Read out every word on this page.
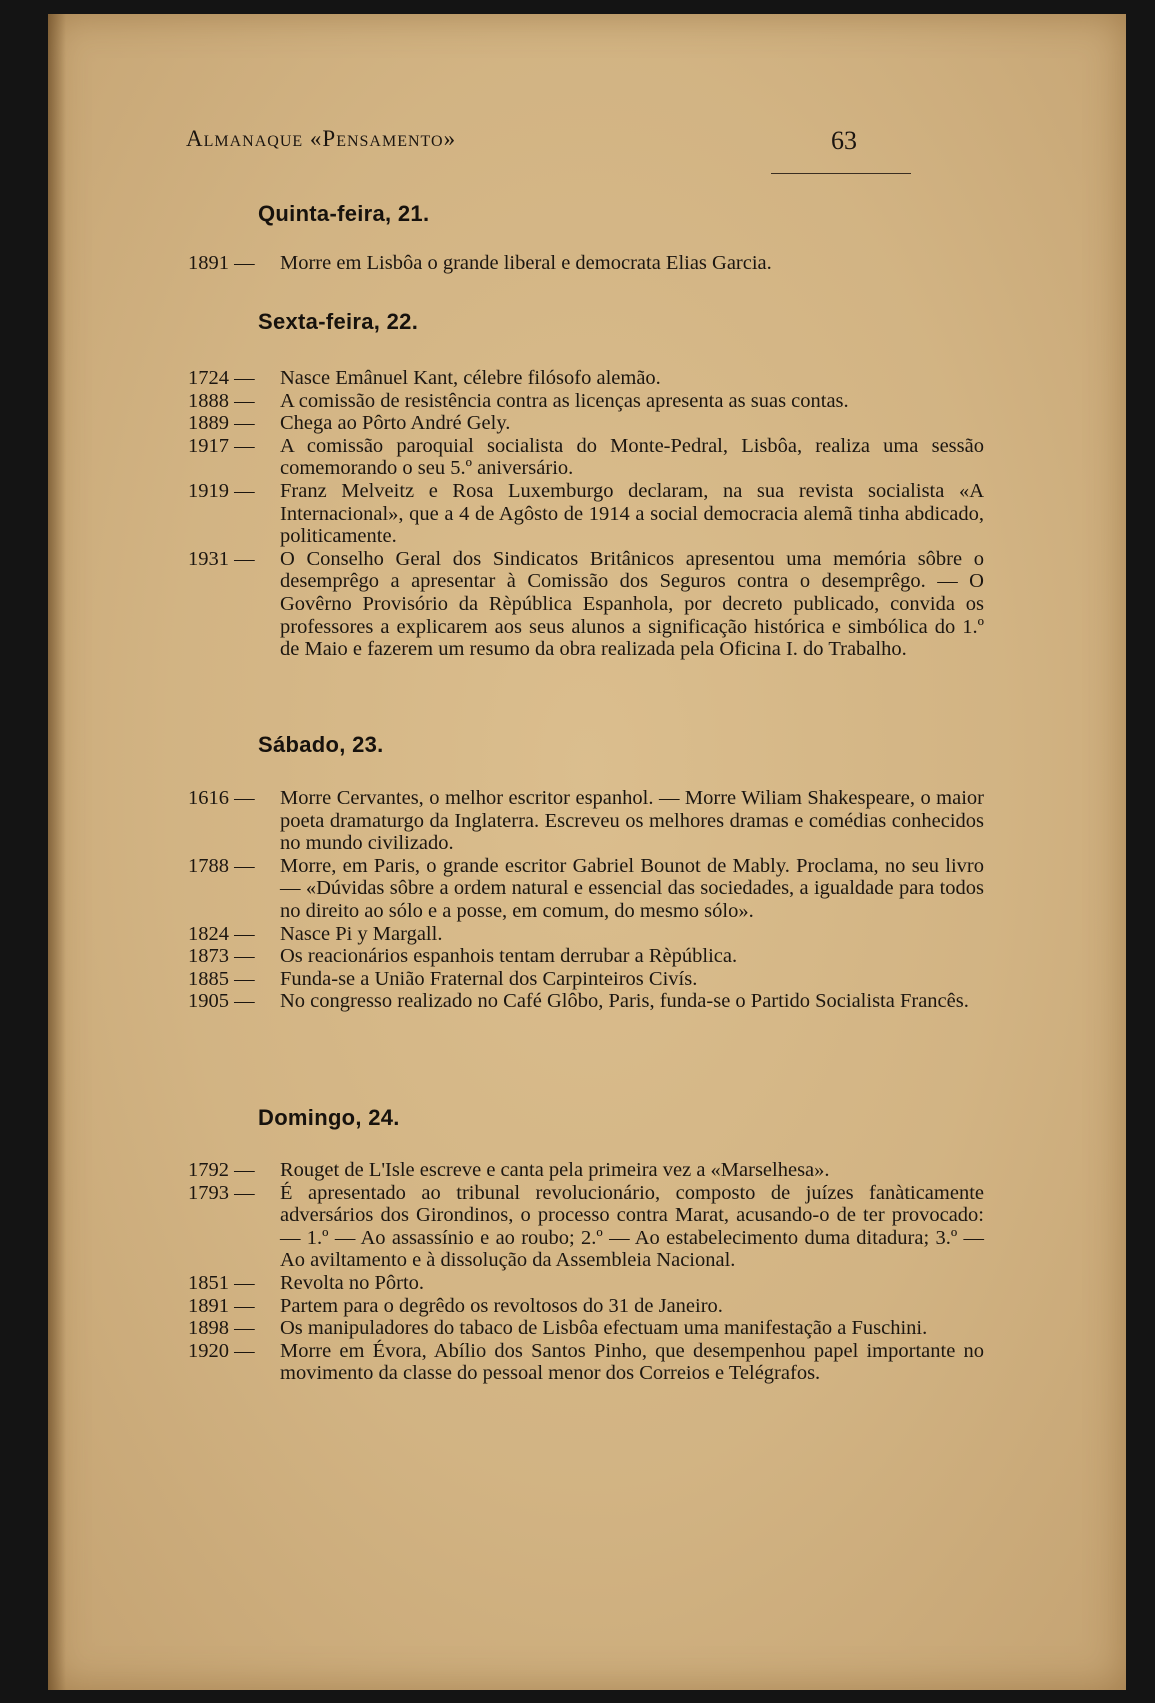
Almanaque «Pensamento»	63
Quinta-feira, 21.
1891 —	Morre em Lisbôa o grande liberal e democrata Elias Garcia.
Sexta-feira, 22.
1724 —	Nasce Emânuel Kant, célebre filósofo alemão.
1888 —	A comissão de resistência contra as licenças apresenta as suas contas.
1889 —	Chega ao Pôrto André Gely.
1917 —	A comissão paroquial socialista do Monte-Pedral, Lisbôa, realiza uma sessão comemorando o seu 5.º aniversário.
1919 —	Franz Melveitz e Rosa Luxemburgo declaram, na sua revista socialista «A Internacional», que a 4 de Agôsto de 1914 a social democracia alemã tinha abdicado, politicamente.
1931 —	O Conselho Geral dos Sindicatos Britânicos apresentou uma memória sôbre o desemprêgo a apresentar à Comissão dos Seguros contra o desemprêgo. — O Govêrno Provisório da Rèpública Espanhola, por decreto publicado, convida os professores a explicarem aos seus alunos a significação histórica e simbólica do 1.º de Maio e fazerem um resumo da obra realizada pela Oficina I. do Trabalho.
Sábado, 23.
1616 —	Morre Cervantes, o melhor escritor espanhol. — Morre Wiliam Shakespeare, o maior poeta dramaturgo da Inglaterra. Escreveu os melhores dramas e comédias conhecidos no mundo civilizado.
1788 —	Morre, em Paris, o grande escritor Gabriel Bounot de Mably. Proclama, no seu livro — «Dúvidas sôbre a ordem natural e essencial das sociedades, a igualdade para todos no direito ao sólo e a posse, em comum, do mesmo sólo».
1824 —	Nasce Pi y Margall.
1873 —	Os reacionários espanhois tentam derrubar a Rèpública.
1885 —	Funda-se a União Fraternal dos Carpinteiros Civís.
1905 —	No congresso realizado no Café Glôbo, Paris, funda-se o Partido Socialista Francês.
Domingo, 24.
1792 —	Rouget de L'Isle escreve e canta pela primeira vez a «Marselhesa».
1793 —	É apresentado ao tribunal revolucionário, composto de juízes fanàticamente adversários dos Girondinos, o processo contra Marat, acusando-o de ter provocado: — 1.º — Ao assassínio e ao roubo; 2.º — Ao estabelecimento duma ditadura; 3.º — Ao aviltamento e à dissolução da Assembleia Nacional.
1851 —	Revolta no Pôrto.
1891 —	Partem para o degrêdo os revoltosos do 31 de Janeiro.
1898 —	Os manipuladores do tabaco de Lisbôa efectuam uma manifestação a Fuschini.
1920 —	Morre em Évora, Abílio dos Santos Pinho, que desempenhou papel importante no movimento da classe do pessoal menor dos Correios e Telégrafos.
